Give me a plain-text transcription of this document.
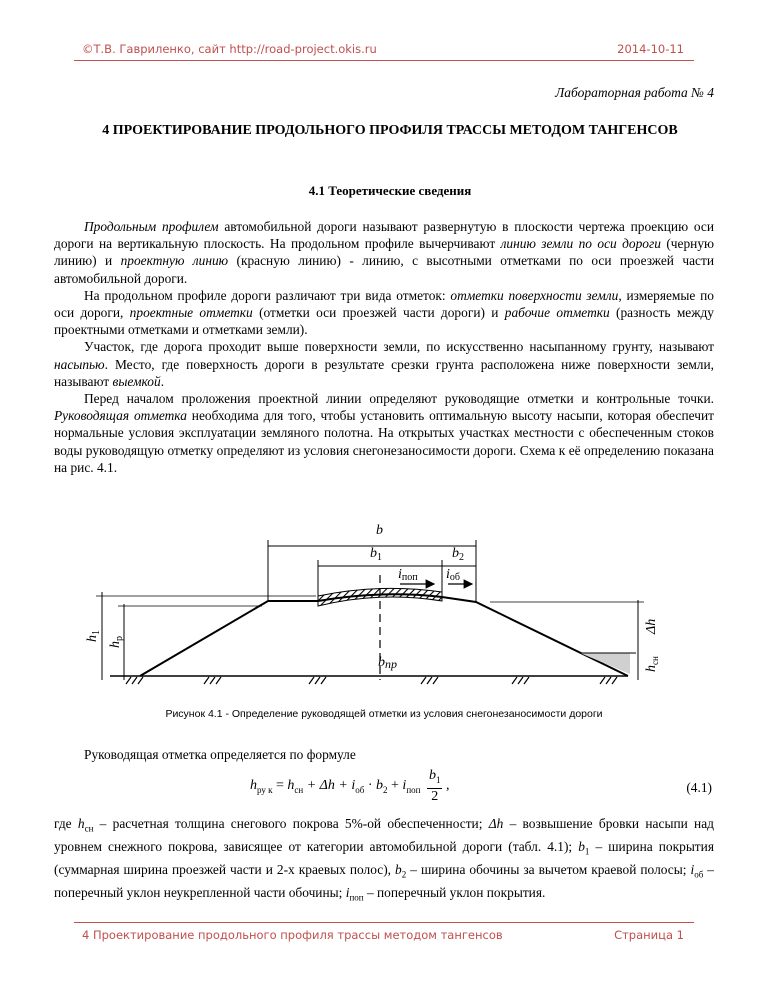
©Т.В. Гавриленко, сайт http://road-project.okis.ru	2014-10-11
Лабораторная работа № 4
4 ПРОЕКТИРОВАНИЕ ПРОДОЛЬНОГО ПРОФИЛЯ ТРАССЫ МЕТОДОМ ТАНГЕНСОВ
4.1 Теоретические сведения

Продольным профилем автомобильной дороги называют развернутую в плоскости чертежа проекцию оси дороги на вертикальную плоскость. На продольном профиле вычерчивают линию земли по оси дороги (черную линию) и проектную линию (красную линию) - линию, с высотными отметками по оси проезжей части автомобильной дороги.

На продольном профиле дороги различают три вида отметок: отметки поверхности земли, измеряемые по оси дороги, проектные отметки (отметки оси проезжей части дороги) и рабочие отметки (разность между проектными отметками и отметками земли).

Участок, где дорога проходит выше поверхности земли, по искусственно насыпанному грунту, называют насыпью. Место, где поверхность дороги в результате срезки грунта расположена ниже поверхности земли, называют выемкой.

Перед началом проложения проектной линии определяют руководящие отметки и контрольные точки. Руководящая отметка необходима для того, чтобы установить оптимальную высоту насыпи, которая обеспечит нормальные условия эксплуатации земляного полотна. На открытых участках местности с обеспеченным стоков воды руководящую отметку определяют из условия снегонезаносимости дороги. Схема к её определению показана на рис. 4.1.

b
$b_1$	$b_2$
iпоп iоб
$h_1$
$h_р$
Δh
$h_{сн}$
bпр
Рисунок 4.1 - Определение руководящей отметки из условия снегонезаносимости дороги
Руководящая отметка определяется по формуле
$h_{ру к} = h_{сн} + \Delta h + i_{об} \cdot b_2 + i_{поп} \frac{b_1}{2}$ ,	(4.1)
где $h_{сн}$ – расчетная толщина снегового покрова 5%-ой обеспеченности; Δh – возвышение бровки насыпи над уровнем снежного покрова, зависящее от категории автомобильной дороги (табл. 4.1); $b_1$ – ширина покрытия (суммарная ширина проезжей части и 2-х краевых полос), $b_2$ – ширина обочины за вычетом краевой полосы; $i_{об}$ – поперечный уклон неукрепленной части обочины; $i_{поп}$ – поперечный уклон покрытия.
4 Проектирование продольного профиля трассы методом тангенсов	Страница 1
